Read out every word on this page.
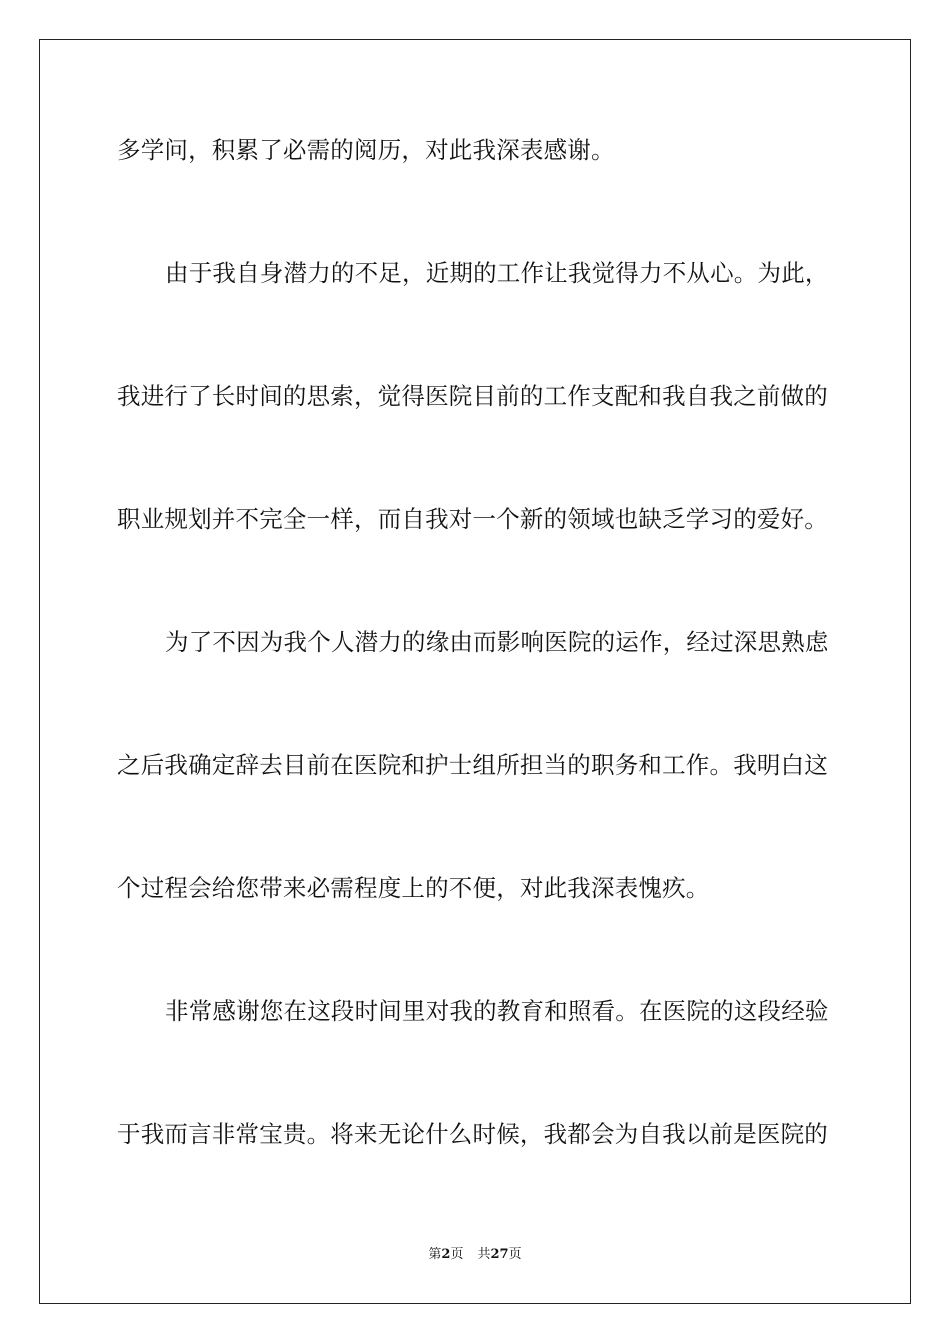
多学问，积累了必需的阅历，对此我深表感谢。
由于我自身潜力的不足，近期的工作让我觉得力不从心。为此，
我进行了长时间的思索，觉得医院目前的工作支配和我自我之前做的
职业规划并不完全一样，而自我对一个新的领域也缺乏学习的爱好。
为了不因为我个人潜力的缘由而影响医院的运作，经过深思熟虑
之后我确定辞去目前在医院和护士组所担当的职务和工作。我明白这
个过程会给您带来必需程度上的不便，对此我深表愧疚。
非常感谢您在这段时间里对我的教育和照看。在医院的这段经验
于我而言非常宝贵。将来无论什么时候，我都会为自我以前是医院的
第2页 共27页
